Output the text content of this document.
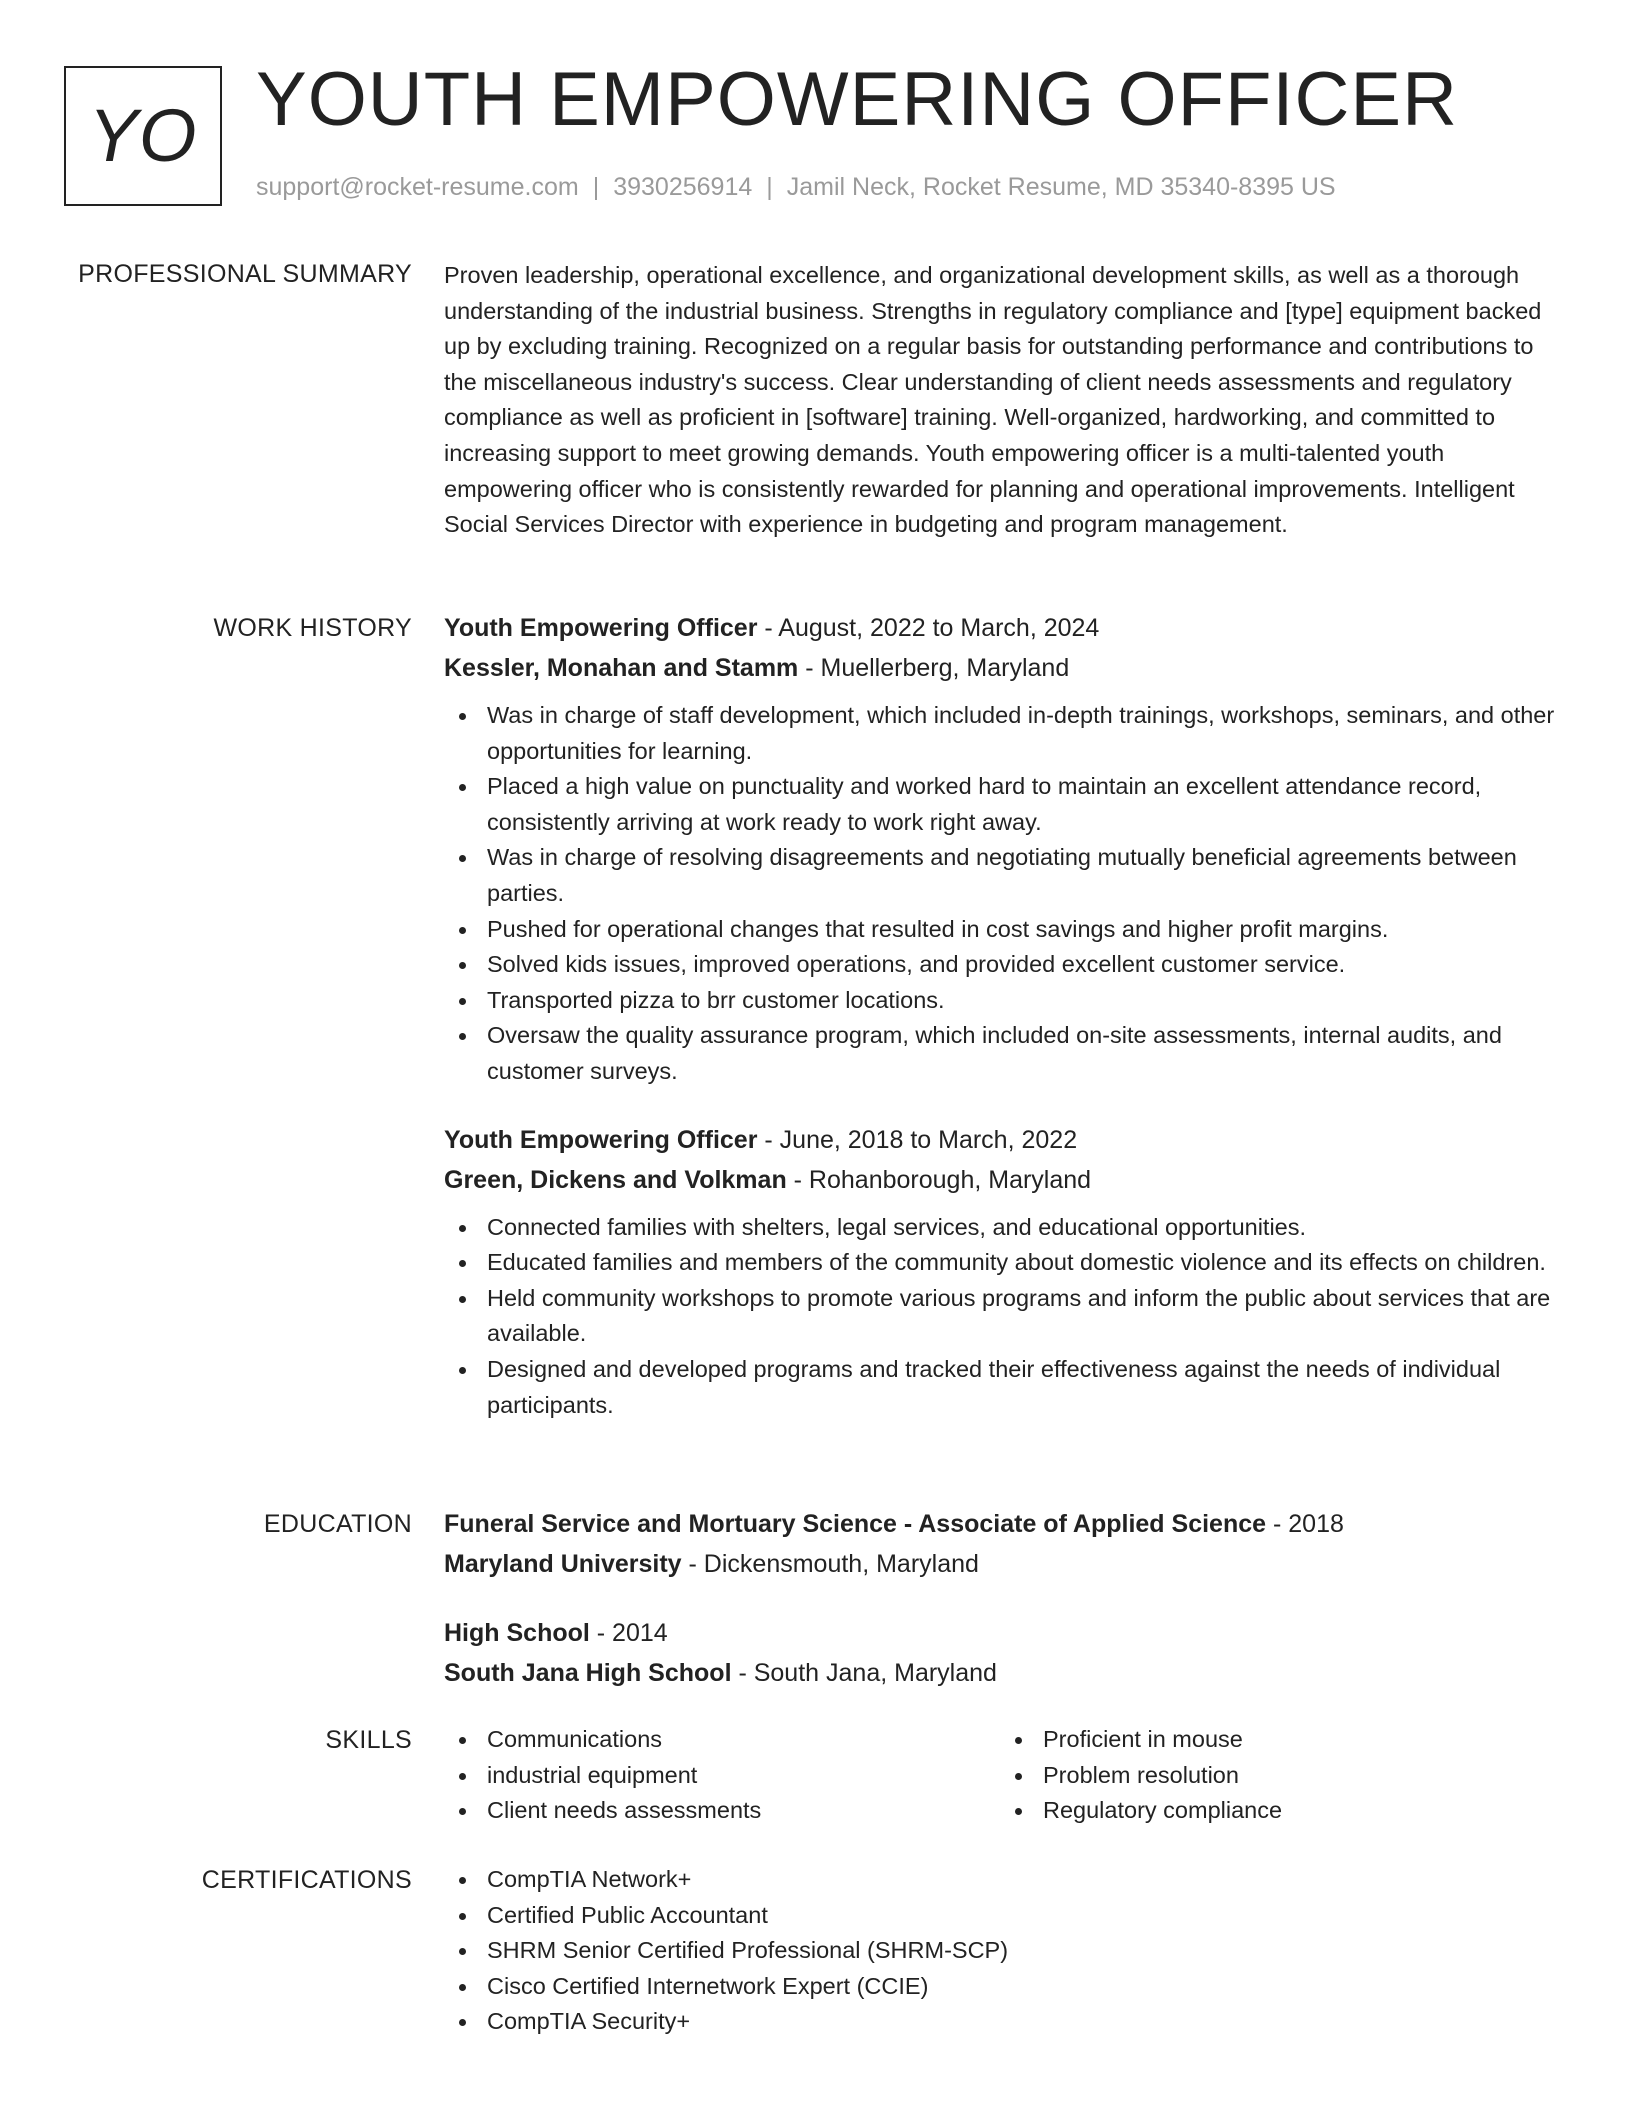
YO YOUTH EMPOWERING OFFICER
support@rocket-resume.com | 3930256914 | Jamil Neck, Rocket Resume, MD 35340-8395 US
PROFESSIONAL SUMMARY Proven leadership, operational excellence, and organizational development skills, as well as a thorough understanding of the industrial business. Strengths in regulatory compliance and [type] equipment backed up by excluding training. Recognized on a regular basis for outstanding performance and contributions to the miscellaneous industry's success. Clear understanding of client needs assessments and regulatory compliance as well as proficient in [software] training. Well-organized, hardworking, and committed to increasing support to meet growing demands. Youth empowering officer is a multi-talented youth empowering officer who is consistently rewarded for planning and operational improvements. Intelligent Social Services Director with experience in budgeting and program management.

WORK HISTORY Youth Empowering Officer - August, 2022 to March, 2024
Kessler, Monahan and Stamm - Muellerberg, Maryland
Was in charge of staff development, which included in-depth trainings, workshops, seminars, and other opportunities for learning.
Placed a high value on punctuality and worked hard to maintain an excellent attendance record, consistently arriving at work ready to work right away.
Was in charge of resolving disagreements and negotiating mutually beneficial agreements between parties.
Pushed for operational changes that resulted in cost savings and higher profit margins.
Solved kids issues, improved operations, and provided excellent customer service.
Transported pizza to brr customer locations.
Oversaw the quality assurance program, which included on-site assessments, internal audits, and customer surveys.
Youth Empowering Officer - June, 2018 to March, 2022
Green, Dickens and Volkman - Rohanborough, Maryland
Connected families with shelters, legal services, and educational opportunities.
Educated families and members of the community about domestic violence and its effects on children.
Held community workshops to promote various programs and inform the public about services that are available.
Designed and developed programs and tracked their effectiveness against the needs of individual participants.
EDUCATION Funeral Service and Mortuary Science - Associate of Applied Science - 2018
Maryland University - Dickensmouth, Maryland
High School - 2014
South Jana High School - South Jana, Maryland
SKILLS	Communications
industrial equipment
Client needs assessments
Proficient in mouse
Problem resolution
Regulatory compliance
CERTIFICATIONS	CompTIA Network+
Certified Public Accountant
SHRM Senior Certified Professional (SHRM-SCP)
Cisco Certified Internetwork Expert (CCIE)
CompTIA Security+
